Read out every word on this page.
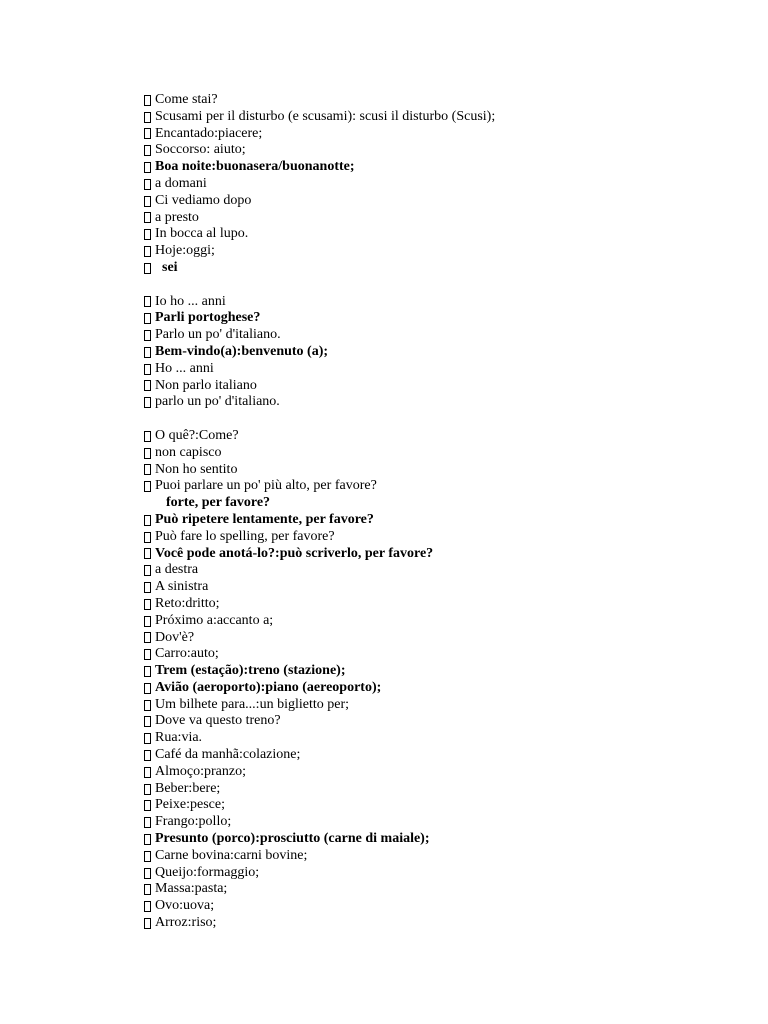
Come stai?
Scusami per il disturbo (e scusami): scusi il disturbo (Scusi);
Encantado:piacere;
Soccorso: aiuto;
Boa noite:buonasera/buonanotte;
a domani
Ci vediamo dopo
a presto
In bocca al lupo.
Hoje:oggi;
sei
Io ho ... anni
Parli portoghese?
Parlo un po' d'italiano.
Bem-vindo(a):benvenuto (a);
Ho ... anni
Non parlo italiano
parlo un po' d'italiano.
O quê?:Come?
non capisco
Non ho sentito
Puoi parlare un po' più alto, per favore?
forte, per favore?
Può ripetere lentamente, per favore?
Può fare lo spelling, per favore?
Você pode anotá-lo?:può scriverlo, per favore?
a destra
A sinistra
Reto:dritto;
Próximo a:accanto a;
Dov'è?
Carro:auto;
Trem (estação):treno (stazione);
Avião (aeroporto):piano (aereoporto);
Um bilhete para...:un biglietto per;
Dove va questo treno?
Rua:via.
Café da manhã:colazione;
Almoço:pranzo;
Beber:bere;
Peixe:pesce;
Frango:pollo;
Presunto (porco):prosciutto (carne di maiale);
Carne bovina:carni bovine;
Queijo:formaggio;
Massa:pasta;
Ovo:uova;
Arroz:riso;
